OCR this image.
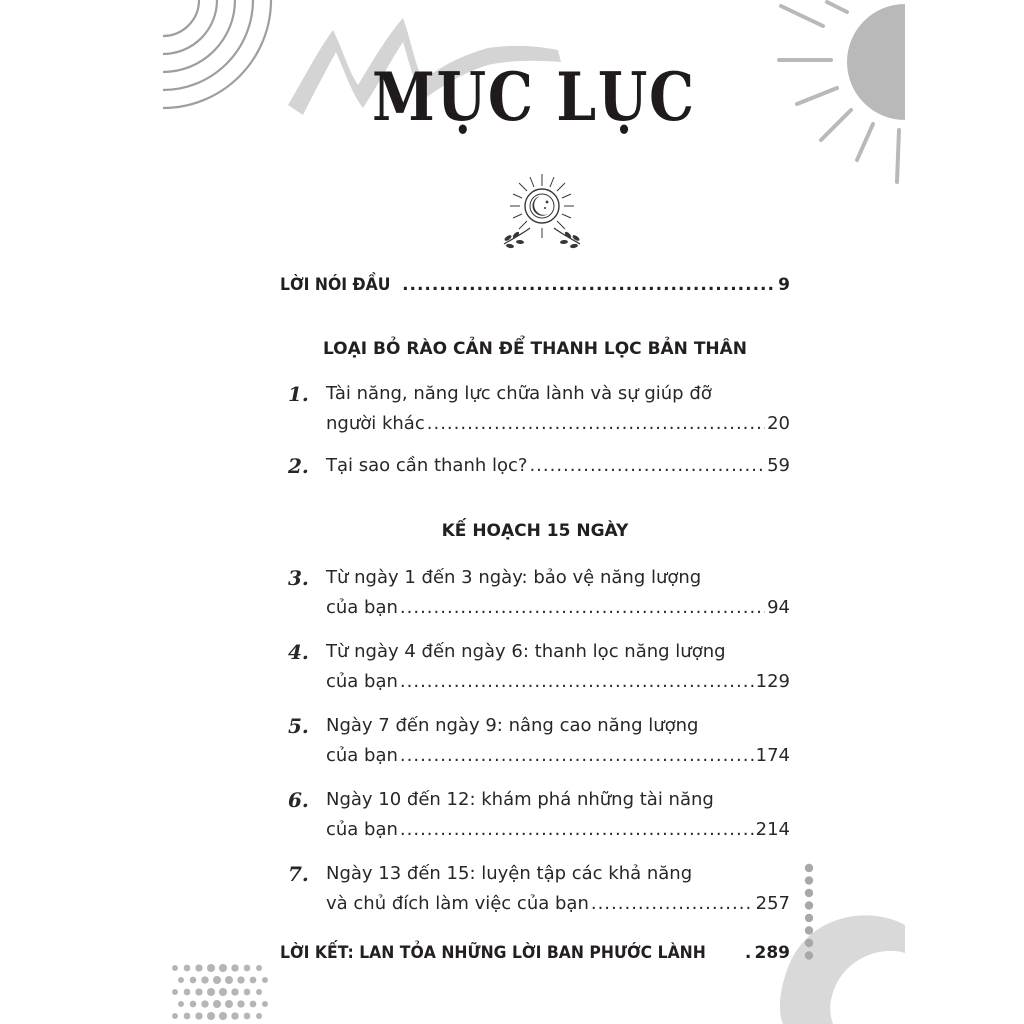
MỤC LỤC
LỜI NÓI ĐẦU .....	9
LOẠI BỎ RÀO CẢN ĐỂ THANH LỌC BẢN THÂN
1. Tài năng, năng lực chữa lành và sự giúp đỡ
người khác .....	20
2. Tại sao cần thanh lọc? .....	59
KẾ HOẠCH 15 NGÀY
3. Từ ngày 1 đến 3 ngày: bảo vệ năng lượng
của bạn .....	94
4. Từ ngày 4 đến ngày 6: thanh lọc năng lượng
của bạn .....	129
5. Ngày 7 đến ngày 9: nâng cao năng lượng
của bạn .....	174
6. Ngày 10 đến 12: khám phá những tài năng
của bạn .....	214
7. Ngày 13 đến 15: luyện tập các khả năng
và chủ đích làm việc của bạn .....	257
LỜI KẾT: LAN TỎA NHỮNG LỜI BAN PHƯỚC LÀNH .....	289
